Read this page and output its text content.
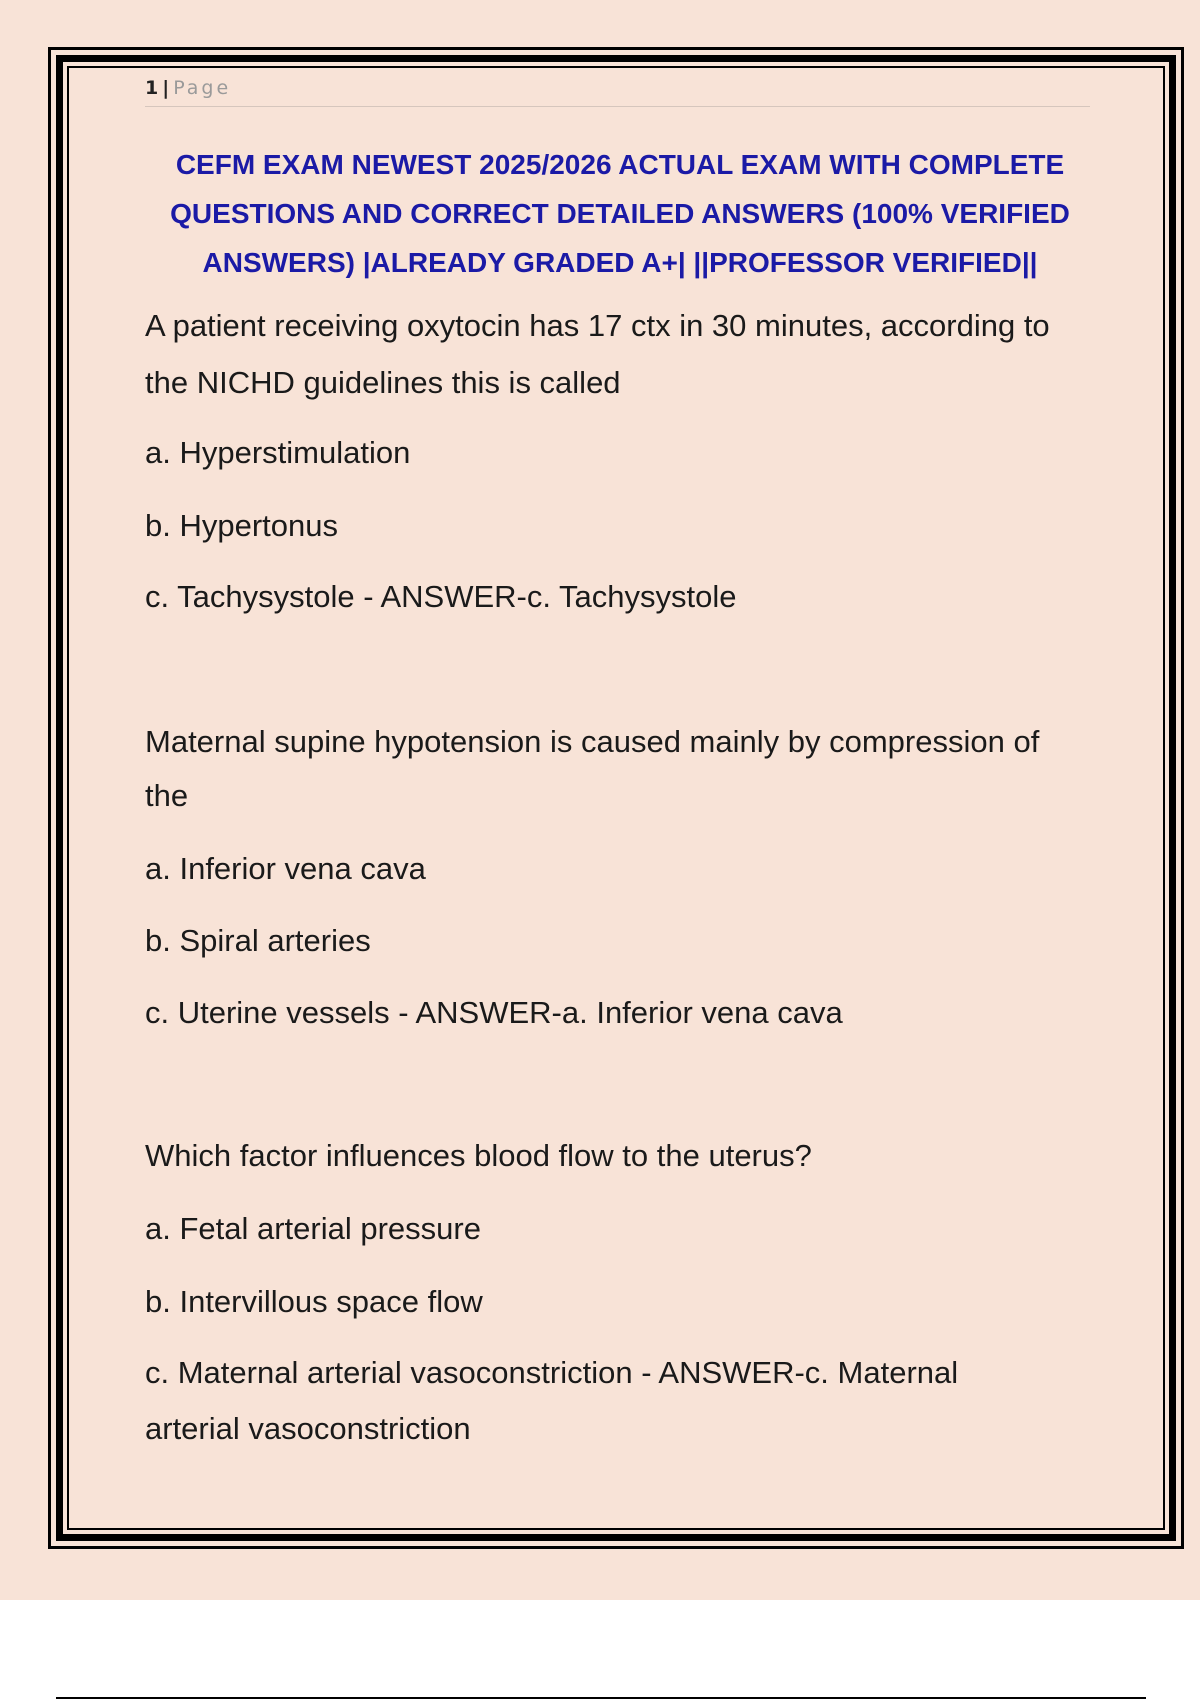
1 | Page
CEFM EXAM NEWEST 2025/2026 ACTUAL EXAM WITH COMPLETE
QUESTIONS AND CORRECT DETAILED ANSWERS (100% VERIFIED
ANSWERS) |ALREADY GRADED A+| ||PROFESSOR VERIFIED||
A patient receiving oxytocin has 17 ctx in 30 minutes, according to
the NICHD guidelines this is called
a. Hyperstimulation
b. Hypertonus
c. Tachysystole - ANSWER-c. Tachysystole
Maternal supine hypotension is caused mainly by compression of
the
a. Inferior vena cava
b. Spiral arteries
c. Uterine vessels - ANSWER-a. Inferior vena cava
Which factor influences blood flow to the uterus?
a. Fetal arterial pressure
b. Intervillous space flow
c. Maternal arterial vasoconstriction - ANSWER-c. Maternal
arterial vasoconstriction
